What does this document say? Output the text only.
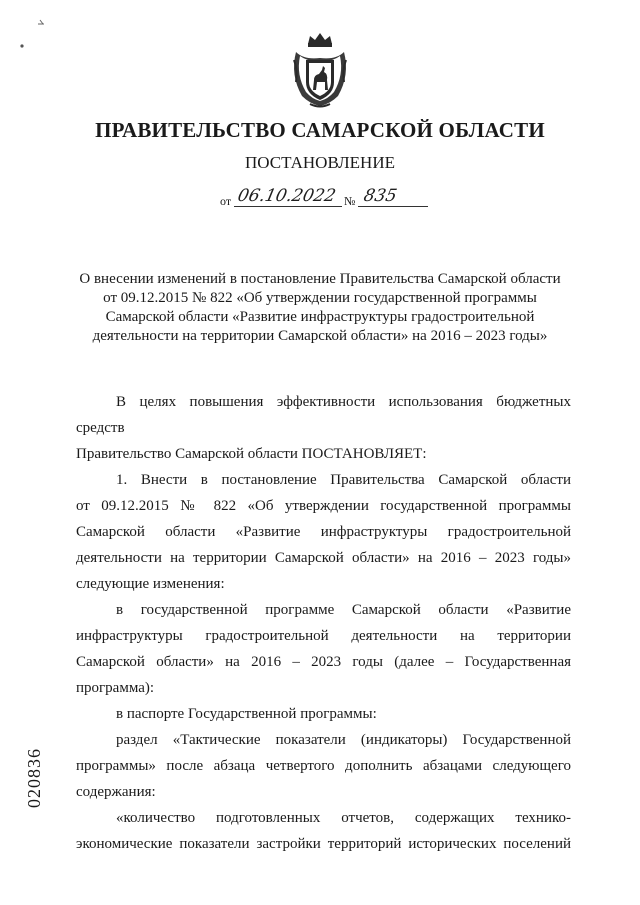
ПРАВИТЕЛЬСТВО САМАРСКОЙ ОБЛАСТИ
ПОСТАНОВЛЕНИЕ
от 06.10.2022 № 835
О внесении изменений в постановление Правительства Самарской области
от 09.12.2015 № 822 «Об утверждении государственной программы
Самарской области «Развитие инфраструктуры градостроительной
деятельности на территории Самарской области» на 2016 – 2023 годы»

В целях повышения эффективности использования бюджетных средств

Правительство Самарской области ПОСТАНОВЛЯЕТ:

1. Внести в постановление Правительства Самарской области

от 09.12.2015 № 822 «Об утверждении государственной программы

Самарской области «Развитие инфраструктуры градостроительной

деятельности на территории Самарской области» на 2016 – 2023 годы»

следующие изменения:

в государственной программе Самарской области «Развитие

инфраструктуры градостроительной деятельности на территории

Самарской области» на 2016 – 2023 годы (далее – Государственная

программа):

в паспорте Государственной программы:

раздел «Тактические показатели (индикаторы) Государственной

программы» после абзаца четвертого дополнить абзацами следующего

содержания:

«количество подготовленных отчетов, содержащих технико-

экономические показатели застройки территорий исторических поселений

020836
